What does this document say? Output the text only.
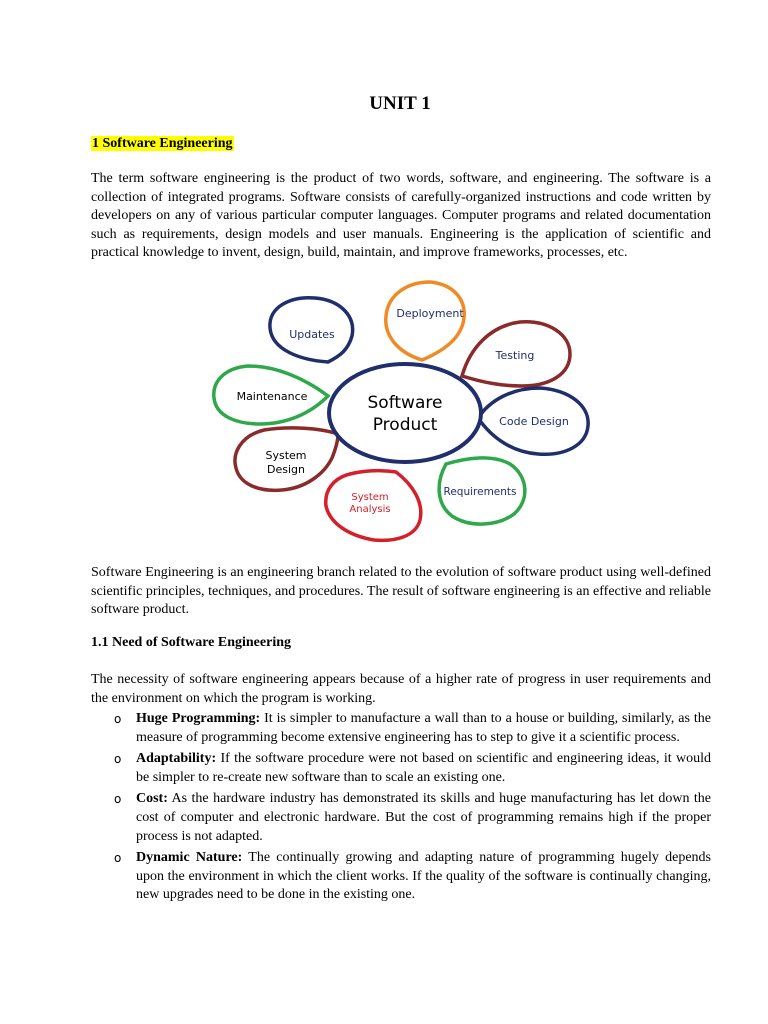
UNIT 1
1 Software Engineering

The term software engineering is the product of two words, software, and engineering. The software is a collection of integrated programs. Software consists of carefully-organized instructions and code written by developers on any of various particular computer languages. Computer programs and related documentation such as requirements, design models and user manuals. Engineering is the application of scientific and practical knowledge to invent, design, build, maintain, and improve frameworks, processes, etc.

Updates
Deployment
Testing
Code Design
Requirements
System
Analysis
System
Design
Maintenance	Software
Product

Software Engineering is an engineering branch related to the evolution of software product using well-defined scientific principles, techniques, and procedures. The result of software engineering is an effective and reliable software product.

1.1 Need of Software Engineering

The necessity of software engineering appears because of a higher rate of progress in user requirements and the environment on which the program is working.

o Huge Programming: It is simpler to manufacture a wall than to a house or building, similarly, as the measure of programming become extensive engineering has to step to give it a scientific process.
o Adaptability: If the software procedure were not based on scientific and engineering ideas, it would be simpler to re-create new software than to scale an existing one.
o Cost: As the hardware industry has demonstrated its skills and huge manufacturing has let down the cost of computer and electronic hardware. But the cost of programming remains high if the proper process is not adapted.
o Dynamic Nature: The continually growing and adapting nature of programming hugely depends upon the environment in which the client works. If the quality of the software is continually changing, new upgrades need to be done in the existing one.
